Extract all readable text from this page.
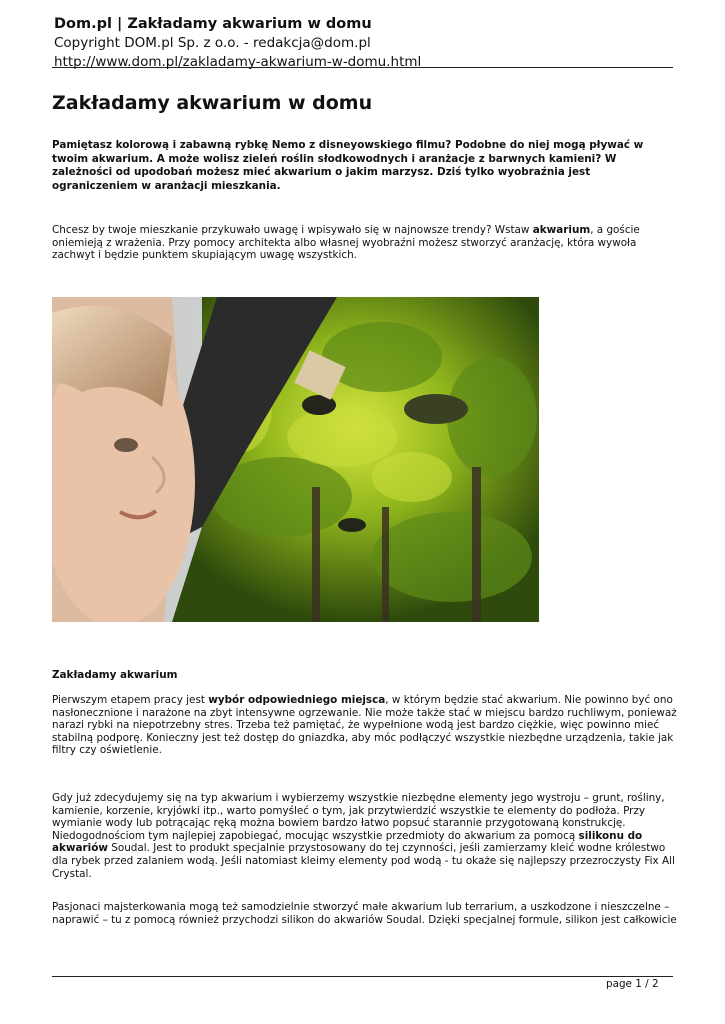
Dom.pl | Zakładamy akwarium w domu
Copyright DOM.pl Sp. z o.o. - redakcja@dom.pl
http://www.dom.pl/zakladamy-akwarium-w-domu.html
Zakładamy akwarium w domu

Pamiętasz kolorową i zabawną rybkę Nemo z disneyowskiego filmu? Podobne do niej mogą pływać w twoim akwarium. A może wolisz zieleń roślin słodkowodnych i aranżacje z barwnych kamieni? W zależności od upodobań możesz mieć akwarium o jakim marzysz. Dziś tylko wyobraźnia jest ograniczeniem w aranżacji mieszkania.

Chcesz by twoje mieszkanie przykuwało uwagę i wpisywało się w najnowsze trendy? Wstaw akwarium, a goście oniemieją z wrażenia. Przy pomocy architekta albo własnej wyobraźni możesz stworzyć aranżację, która wywoła zachwyt i będzie punktem skupiającym uwagę wszystkich.

Zakładamy akwarium

Pierwszym etapem pracy jest wybór odpowiedniego miejsca, w którym będzie stać akwarium. Nie powinno być ono nasłonecznione i narażone na zbyt intensywne ogrzewanie. Nie może także stać w miejscu bardzo ruchliwym, ponieważ narazi rybki na niepotrzebny stres. Trzeba też pamiętać, że wypełnione wodą jest bardzo ciężkie, więc powinno mieć stabilną podporę. Konieczny jest też dostęp do gniazdka, aby móc podłączyć wszystkie niezbędne urządzenia, takie jak filtry czy oświetlenie.

Gdy już zdecydujemy się na typ akwarium i wybierzemy wszystkie niezbędne elementy jego wystroju – grunt, rośliny, kamienie, korzenie, kryjówki itp., warto pomyśleć o tym, jak przytwierdzić wszystkie te elementy do podłoża. Przy wymianie wody lub potrącając ręką można bowiem bardzo łatwo popsuć starannie przygotowaną konstrukcję. Niedogodnościom tym najlepiej zapobiegać, mocując wszystkie przedmioty do akwarium za pomocą silikonu do akwariów Soudal. Jest to produkt specjalnie przystosowany do tej czynności, jeśli zamierzamy kleić wodne królestwo dla rybek przed zalaniem wodą. Jeśli natomiast kleimy elementy pod wodą - tu okaże się najlepszy przezroczysty Fix All Crystal.

Pasjonaci majsterkowania mogą też samodzielnie stworzyć małe akwarium lub terrarium, a uszkodzone i nieszczelne – naprawić – tu z pomocą również przychodzi silikon do akwariów Soudal. Dzięki specjalnej formule, silikon jest całkowicie

page 1 / 2
